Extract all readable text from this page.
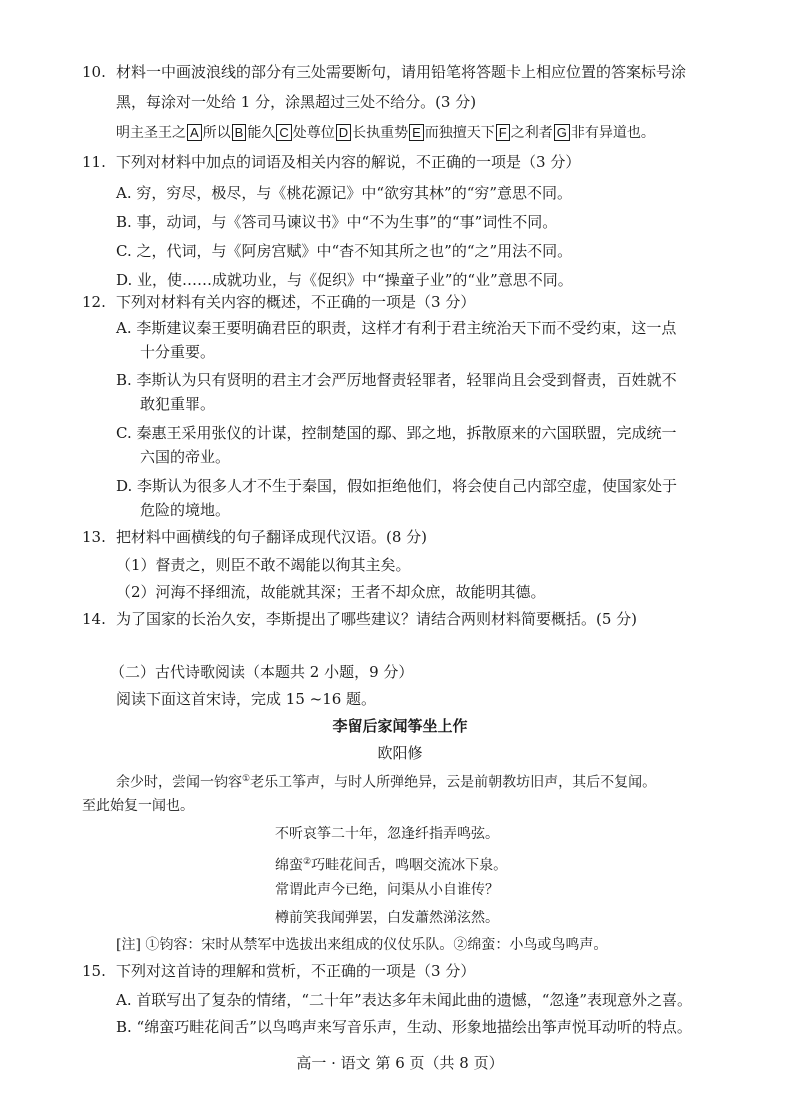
10. 材料一中画波浪线的部分有三处需要断句，请用铅笔将答题卡上相应位置的答案标号涂
黑，每涂对一处给 1 分，涂黑超过三处不给分。(3 分)
明主圣王之 A 所以 B 能久 C 处尊位 D 长执重势 E 而独擅天下 F 之利者 G 非有异道也。
11. 下列对材料中加点的词语及相关内容的解说，不正确的一项是（3 分）
A. 穷，穷尽，极尽，与《桃花源记》中“欲穷其林”的“穷”意思不同。
B. 事，动词，与《答司马谏议书》中“不为生事”的“事”词性不同。
C. 之，代词，与《阿房宫赋》中“杳不知其所之也”的“之”用法不同。
D. 业，使……成就功业，与《促织》中“操童子业”的“业”意思不同。
12. 下列对材料有关内容的概述，不正确的一项是（3 分）
A. 李斯建议秦王要明确君臣的职责，这样才有利于君主统治天下而不受约束，这一点
十分重要。
B. 李斯认为只有贤明的君主才会严厉地督责轻罪者，轻罪尚且会受到督责，百姓就不
敢犯重罪。
C. 秦惠王采用张仪的计谋，控制楚国的鄢、郢之地，拆散原来的六国联盟，完成统一
六国的帝业。
D. 李斯认为很多人才不生于秦国，假如拒绝他们，将会使自己内部空虚，使国家处于
危险的境地。
13. 把材料中画横线的句子翻译成现代汉语。(8 分)
（1）督责之，则臣不敢不竭能以徇其主矣。
（2）河海不择细流，故能就其深；王者不却众庶，故能明其德。
14. 为了国家的长治久安，李斯提出了哪些建议？请结合两则材料简要概括。(5 分)
（二）古代诗歌阅读（本题共 2 小题，9 分）
阅读下面这首宋诗，完成 15 ~16 题。
李留后家闻筝坐上作
欧阳修
余少时，尝闻一钧容①老乐工筝声，与时人所弹绝异，云是前朝教坊旧声，其后不复闻。
至此始复一闻也。
不听哀筝二十年，忽逢纤指弄鸣弦。
绵蛮②巧畦花间舌，鸣咽交流冰下泉。
常谓此声今已绝，问渠从小自谁传？
樽前笑我闻弹罢，白发蕭然涕泫然。
[注] ①钧容：宋时从禁军中选拔出来组成的仪仗乐队。②绵蛮：小鸟或鸟鸣声。
15. 下列对这首诗的理解和赏析，不正确的一项是（3 分）
A. 首联写出了复杂的情绪，“二十年”表达多年未闻此曲的遗憾，“忽逢”表现意外之喜。
B. “绵蛮巧畦花间舌”以鸟鸣声来写音乐声，生动、形象地描绘出筝声悦耳动听的特点。
高一 · 语文 第 6 页（共 8 页）
